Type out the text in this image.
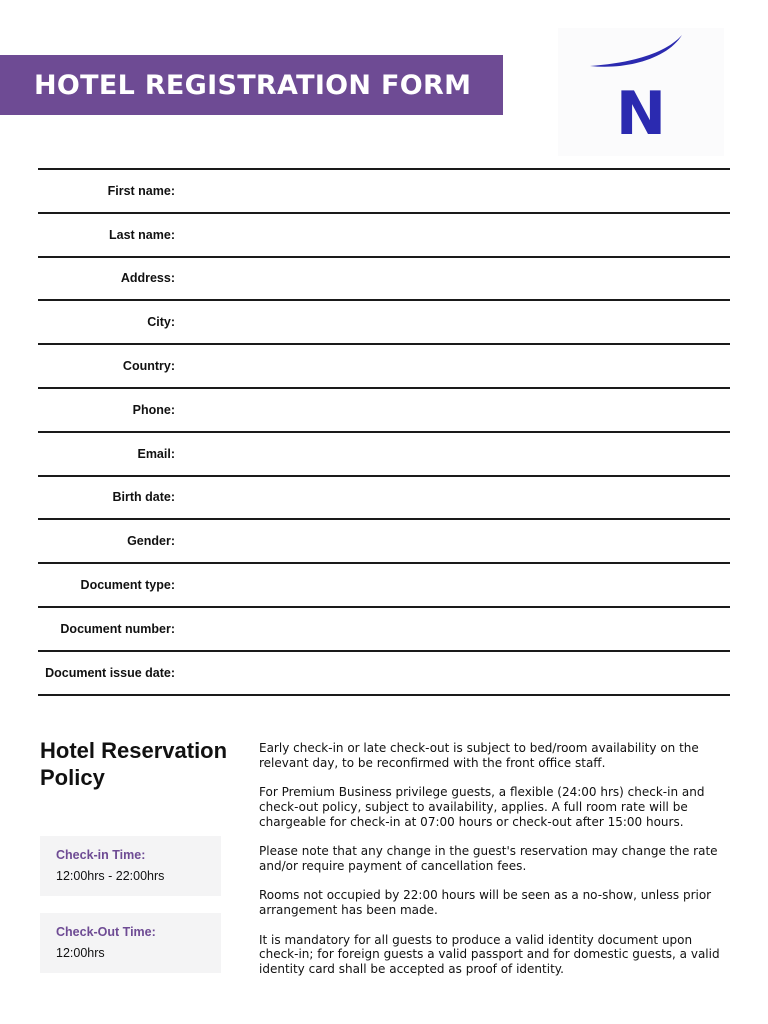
HOTEL REGISTRATION FORM N
First name:
Last name:
Address:
City:
Country:
Phone:
Email:
Birth date:
Gender:
Document type:
Document number:
Document issue date:
Hotel Reservation Policy
Check-in Time:
12:00hrs - 22:00hrs
Check-Out Time:
12:00hrs

Early check-in or late check-out is subject to bed/room availability on the relevant day, to be reconfirmed with the front office staff.

For Premium Business privilege guests, a flexible (24:00 hrs) check-in and check-out policy, subject to availability, applies. A full room rate will be chargeable for check-in at 07:00 hours or check-out after 15:00 hours.

Please note that any change in the guest's reservation may change the rate and/or require payment of cancellation fees.

Rooms not occupied by 22:00 hours will be seen as a no-show, unless prior arrangement has been made.

It is mandatory for all guests to produce a valid identity document upon check-in; for foreign guests a valid passport and for domestic guests, a valid identity card shall be accepted as proof of identity.
